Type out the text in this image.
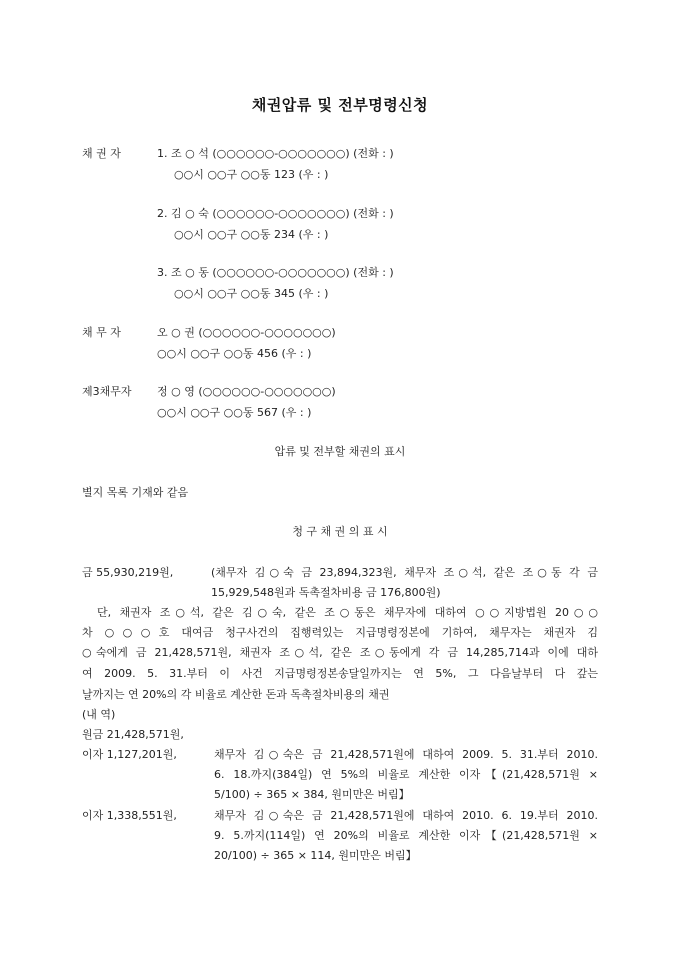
채권압류 및 전부명령신청
채 권 자	1. 조 ○ 석 (○○○○○○-○○○○○○○) (전화 : )
○○시 ○○구 ○○동 123 (우 : )
2. 김 ○ 숙 (○○○○○○-○○○○○○○) (전화 : )
○○시 ○○구 ○○동 234 (우 : )
3. 조 ○ 동 (○○○○○○-○○○○○○○) (전화 : )
○○시 ○○구 ○○동 345 (우 : )
채 무 자	오 ○ 권 (○○○○○○-○○○○○○○)
○○시 ○○구 ○○동 456 (우 : )
제3채무자 정 ○ 영 (○○○○○○-○○○○○○○)
○○시 ○○구 ○○동 567 (우 : )
압류 및 전부할 채권의 표시
별지 목록 기재와 같음
청 구 채 권 의 표 시
금 55,930,219원,	(채무자 김○숙 금 23,894,323원, 채무자 조○석, 같은 조○동 각 금
15,929,548원과 독촉절차비용 금 176,800원)
단, 채권자 조○석, 같은 김○숙, 같은 조○동은 채무자에 대하여 ○○지방법원 20○○
차 ○○○호 대여금 청구사건의 집행력있는 지급명령정본에 기하여, 채무자는 채권자 김
○숙에게 금 21,428,571원, 채권자 조○석, 같은 조○동에게 각 금 14,285,714과 이에 대하
여 2009. 5. 31.부터 이 사건 지급명령정본송달일까지는 연 5%, 그 다음날부터 다 갚는
날까지는 연 20%의 각 비율로 계산한 돈과 독촉절차비용의 채권
(내 역)
원금 21,428,571원,
이자 1,127,201원,	채무자 김○숙은 금 21,428,571원에 대하여 2009. 5. 31.부터 2010.
6. 18.까지(384일) 연 5%의 비율로 계산한 이자【(21,428,571원 ×
5/100) ÷ 365 × 384, 원미만은 버림】
이자 1,338,551원,	채무자 김○숙은 금 21,428,571원에 대하여 2010. 6. 19.부터 2010.
9. 5.까지(114일) 연 20%의 비율로 계산한 이자【(21,428,571원 ×
20/100) ÷ 365 × 114, 원미만은 버림】
